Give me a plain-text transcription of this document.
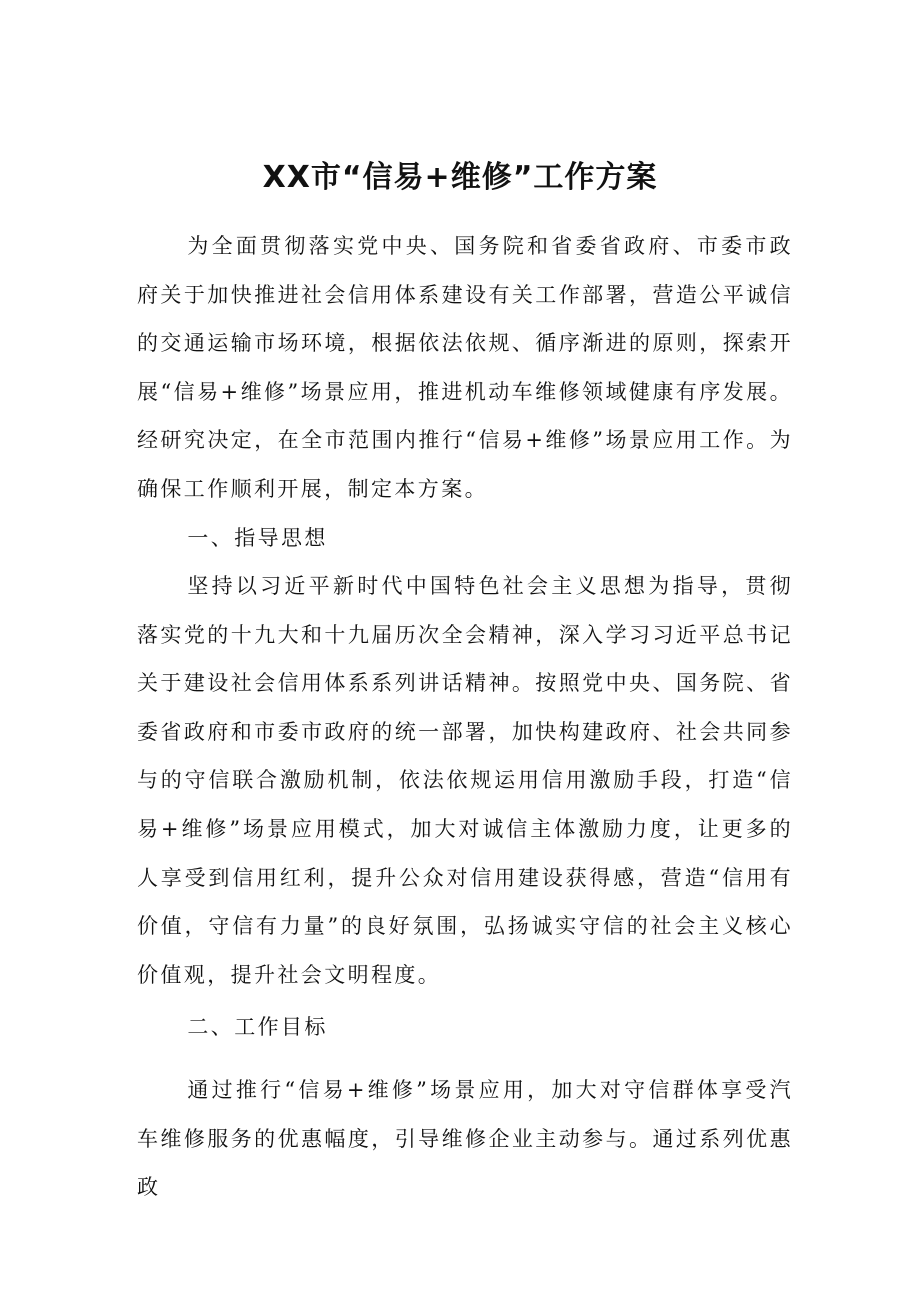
XX市“信易+维修”工作方案

为全面贯彻落实党中央、国务院和省委省政府、市委市政府关于加快推进社会信用体系建设有关工作部署，营造公平诚信的交通运输市场环境，根据依法依规、循序渐进的原则，探索开展“信易+维修”场景应用，推进机动车维修领域健康有序发展。经研究决定，在全市范围内推行“信易+维修”场景应用工作。为确保工作顺利开展，制定本方案。

一、指导思想

坚持以习近平新时代中国特色社会主义思想为指导，贯彻落实党的十九大和十九届历次全会精神，深入学习习近平总书记关于建设社会信用体系系列讲话精神。按照党中央、国务院、省委省政府和市委市政府的统一部署，加快构建政府、社会共同参与的守信联合激励机制，依法依规运用信用激励手段，打造“信易+维修”场景应用模式，加大对诚信主体激励力度，让更多的人享受到信用红利，提升公众对信用建设获得感，营造“信用有价值，守信有力量”的良好氛围，弘扬诚实守信的社会主义核心价值观，提升社会文明程度。

二、工作目标

通过推行“信易+维修”场景应用，加大对守信群体享受汽车维修服务的优惠幅度，引导维修企业主动参与。通过系列优惠政
